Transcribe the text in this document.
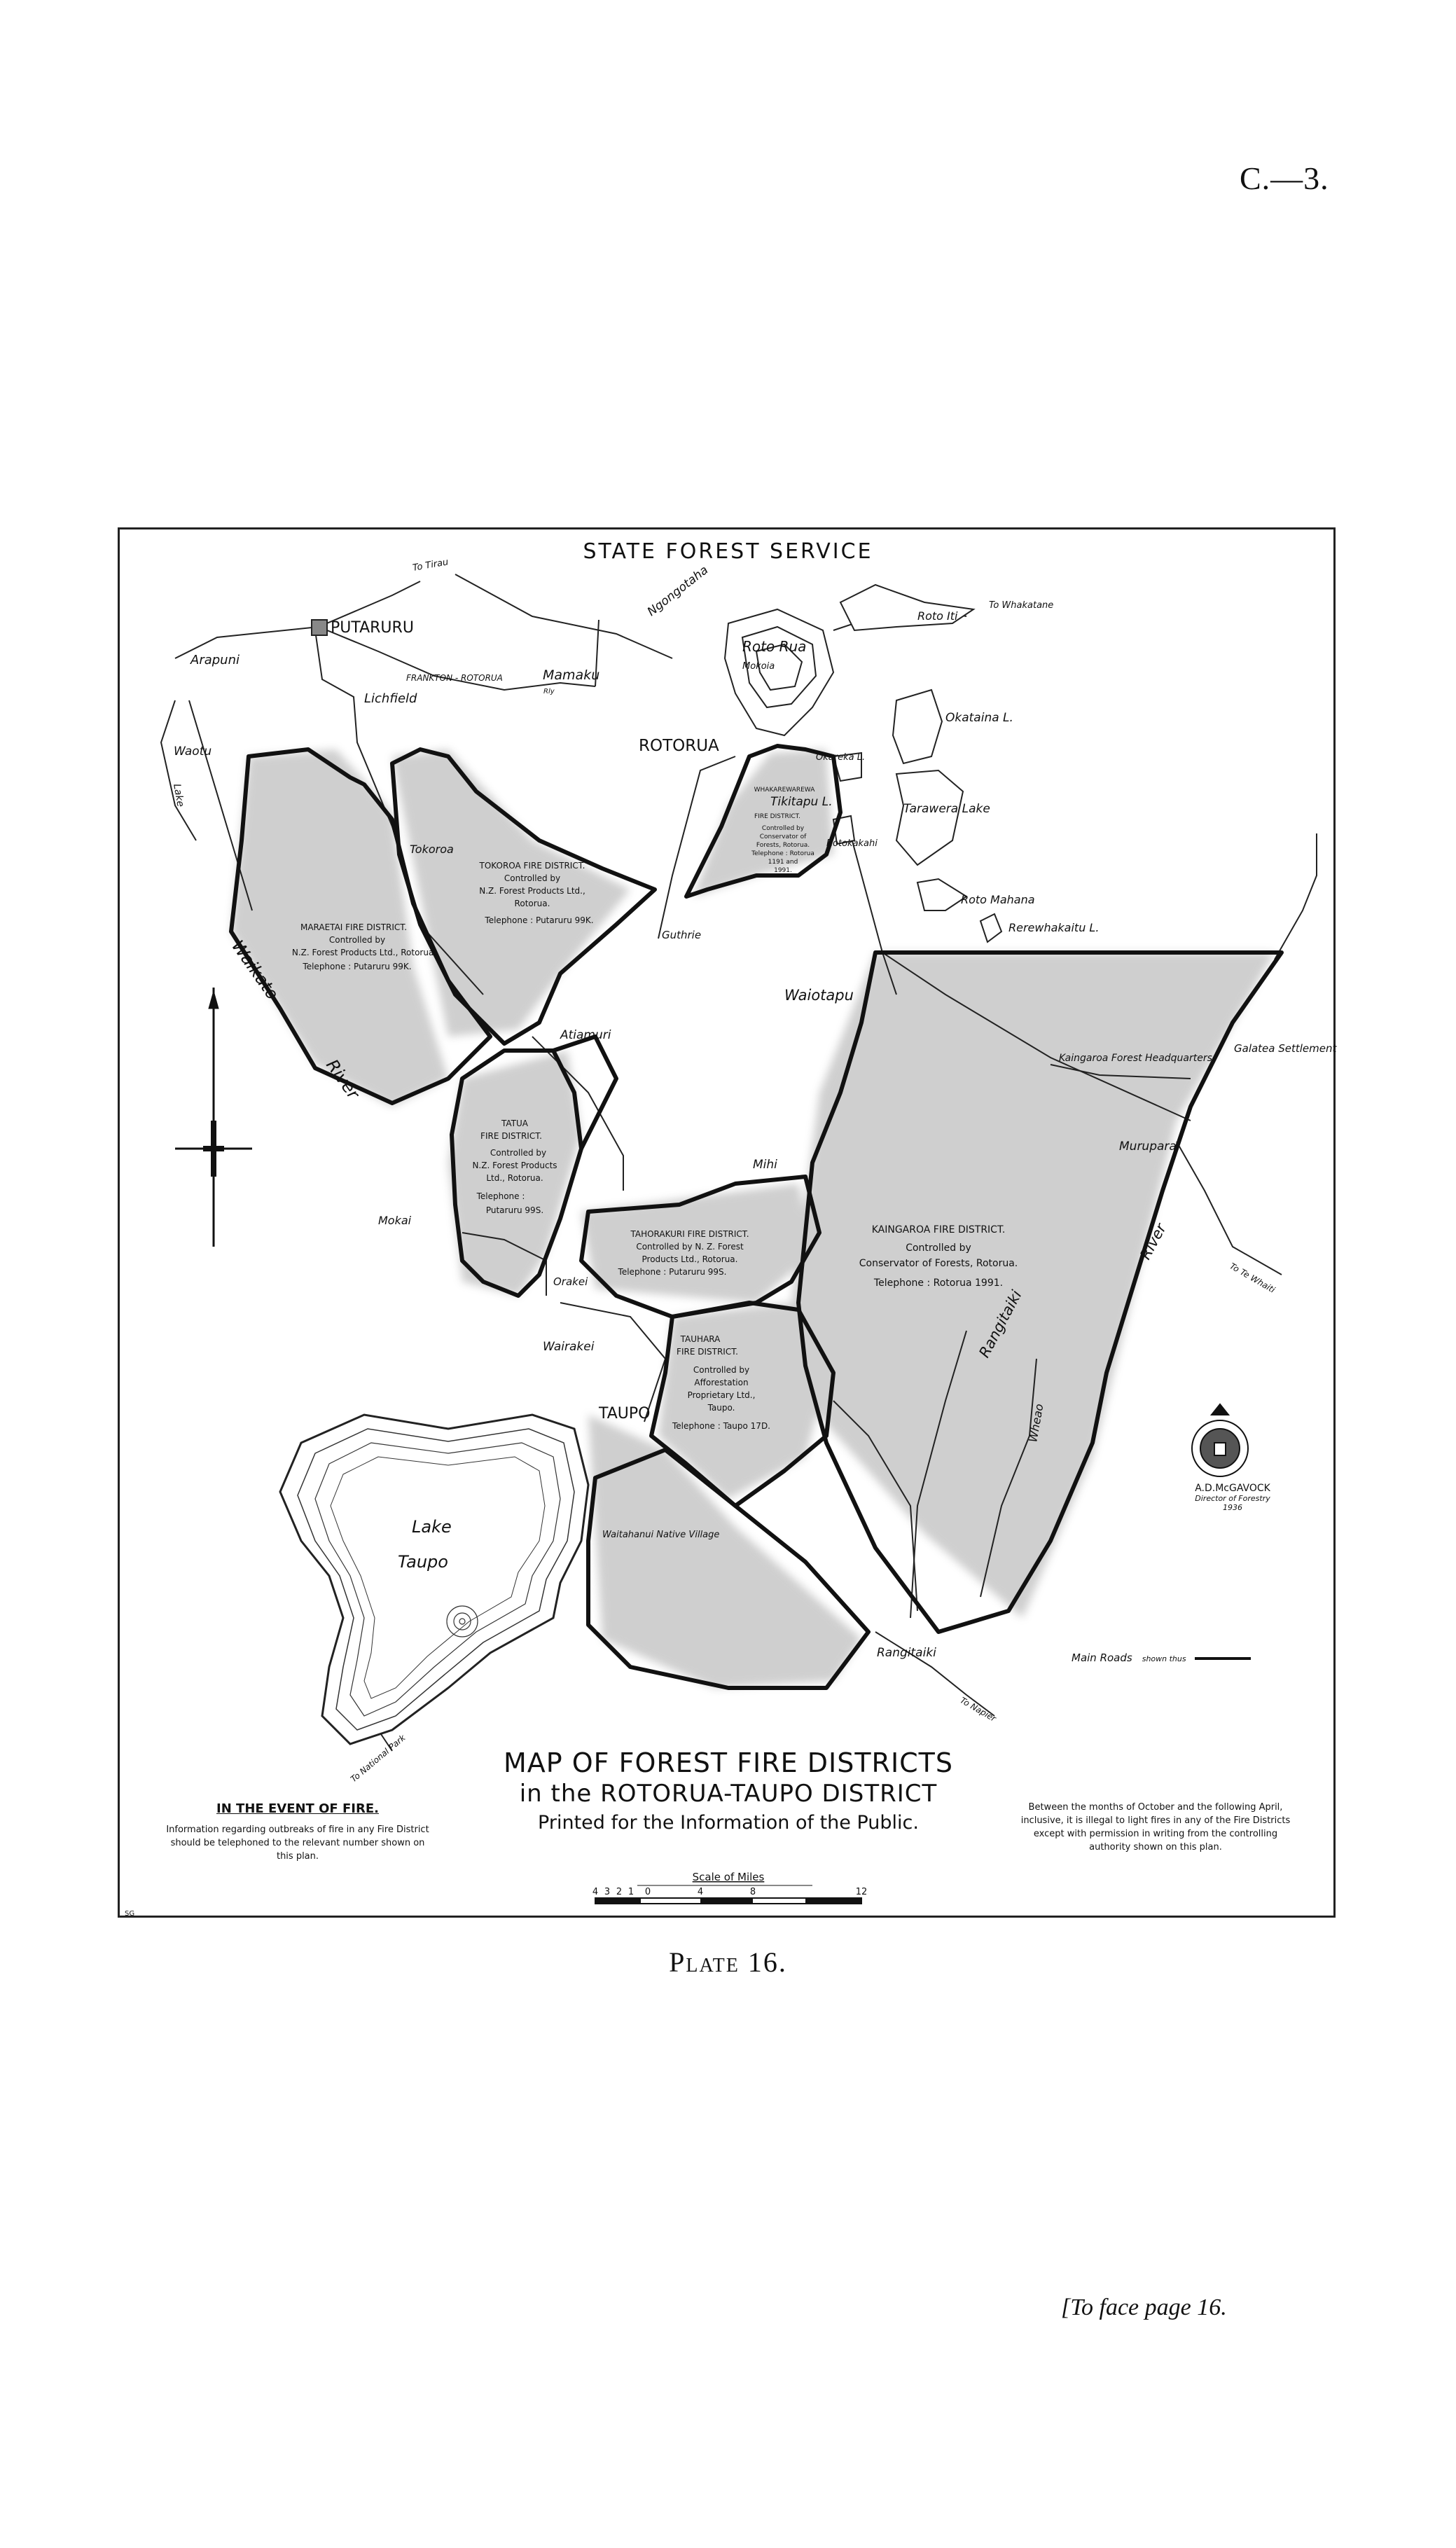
C.—3.
STATE FOREST SERVICE
PUTARURU
Arapuni
Lichfield
Waotu
Mamaku
FRANKTON - ROTORUA
Rly
ROTORUA
Roto Rua
Mokoia
Ngongotaha	Roto Iti
To Whakatane
To Tirau
Okataina L.
Tarawera Lake
Roto Mahana
Rerewhakaitu L.
Tikitapu L.
Okareka L.
Rotokakahi
Tokoroa
Guthrie
Waiotapu
Atiamuri
Mihi
Mokai
Orakei
Wairakei
TAUPO
Lake
Taupo
Waitahanui Native Village
Rangitaiki
Murupara
Galatea Settlement
Kaingaroa Forest Headquarters
Rangitaiki
River
Wheao
To Te Whaiti
To Napier
To National Park
Waikato
River
Lake
TOKOROA FIRE DISTRICT.
Controlled by
N.Z. Forest Products Ltd.,
Rotorua.
Telephone : Putaruru 99K.
MARAETAI FIRE DISTRICT.
Controlled by
N.Z. Forest Products Ltd., Rotorua.
Telephone : Putaruru 99K.
WHAKAREWAREWA
FIRE DISTRICT.
Controlled by
Conservator of
Forests, Rotorua.
Telephone : Rotorua
1191 and
1991.
TATUA
FIRE DISTRICT.
Controlled by
N.Z. Forest Products
Ltd., Rotorua.
Telephone :
Putaruru 99S.
TAHORAKURI FIRE DISTRICT.
Controlled by N. Z. Forest
Products Ltd., Rotorua.
Telephone : Putaruru 99S.
TAUHARA
FIRE DISTRICT.
Controlled by
Afforestation
Proprietary Ltd.,
Taupo.
Telephone : Taupo 17D.
KAINGAROA FIRE DISTRICT.
Controlled by
Conservator of Forests, Rotorua.
Telephone : Rotorua 1991.
4 3 2 1 0	4	8	12
Scale of Miles
MAP OF FOREST FIRE DISTRICTS
in the ROTORUA-TAUPO DISTRICT
Printed for the Information of the Public.
IN THE EVENT OF FIRE.
Information regarding outbreaks of fire in any Fire District should be telephoned to the relevant number shown on this plan.
Between the months of October and the following April, inclusive, it is illegal to light fires in any of the Fire Districts except with permission in writing from the controlling authority shown on this plan.
A.D.McGAVOCK
Director of Forestry
1936
Main Roads shown thus
SG
Plate 16.
[To face page 16.
